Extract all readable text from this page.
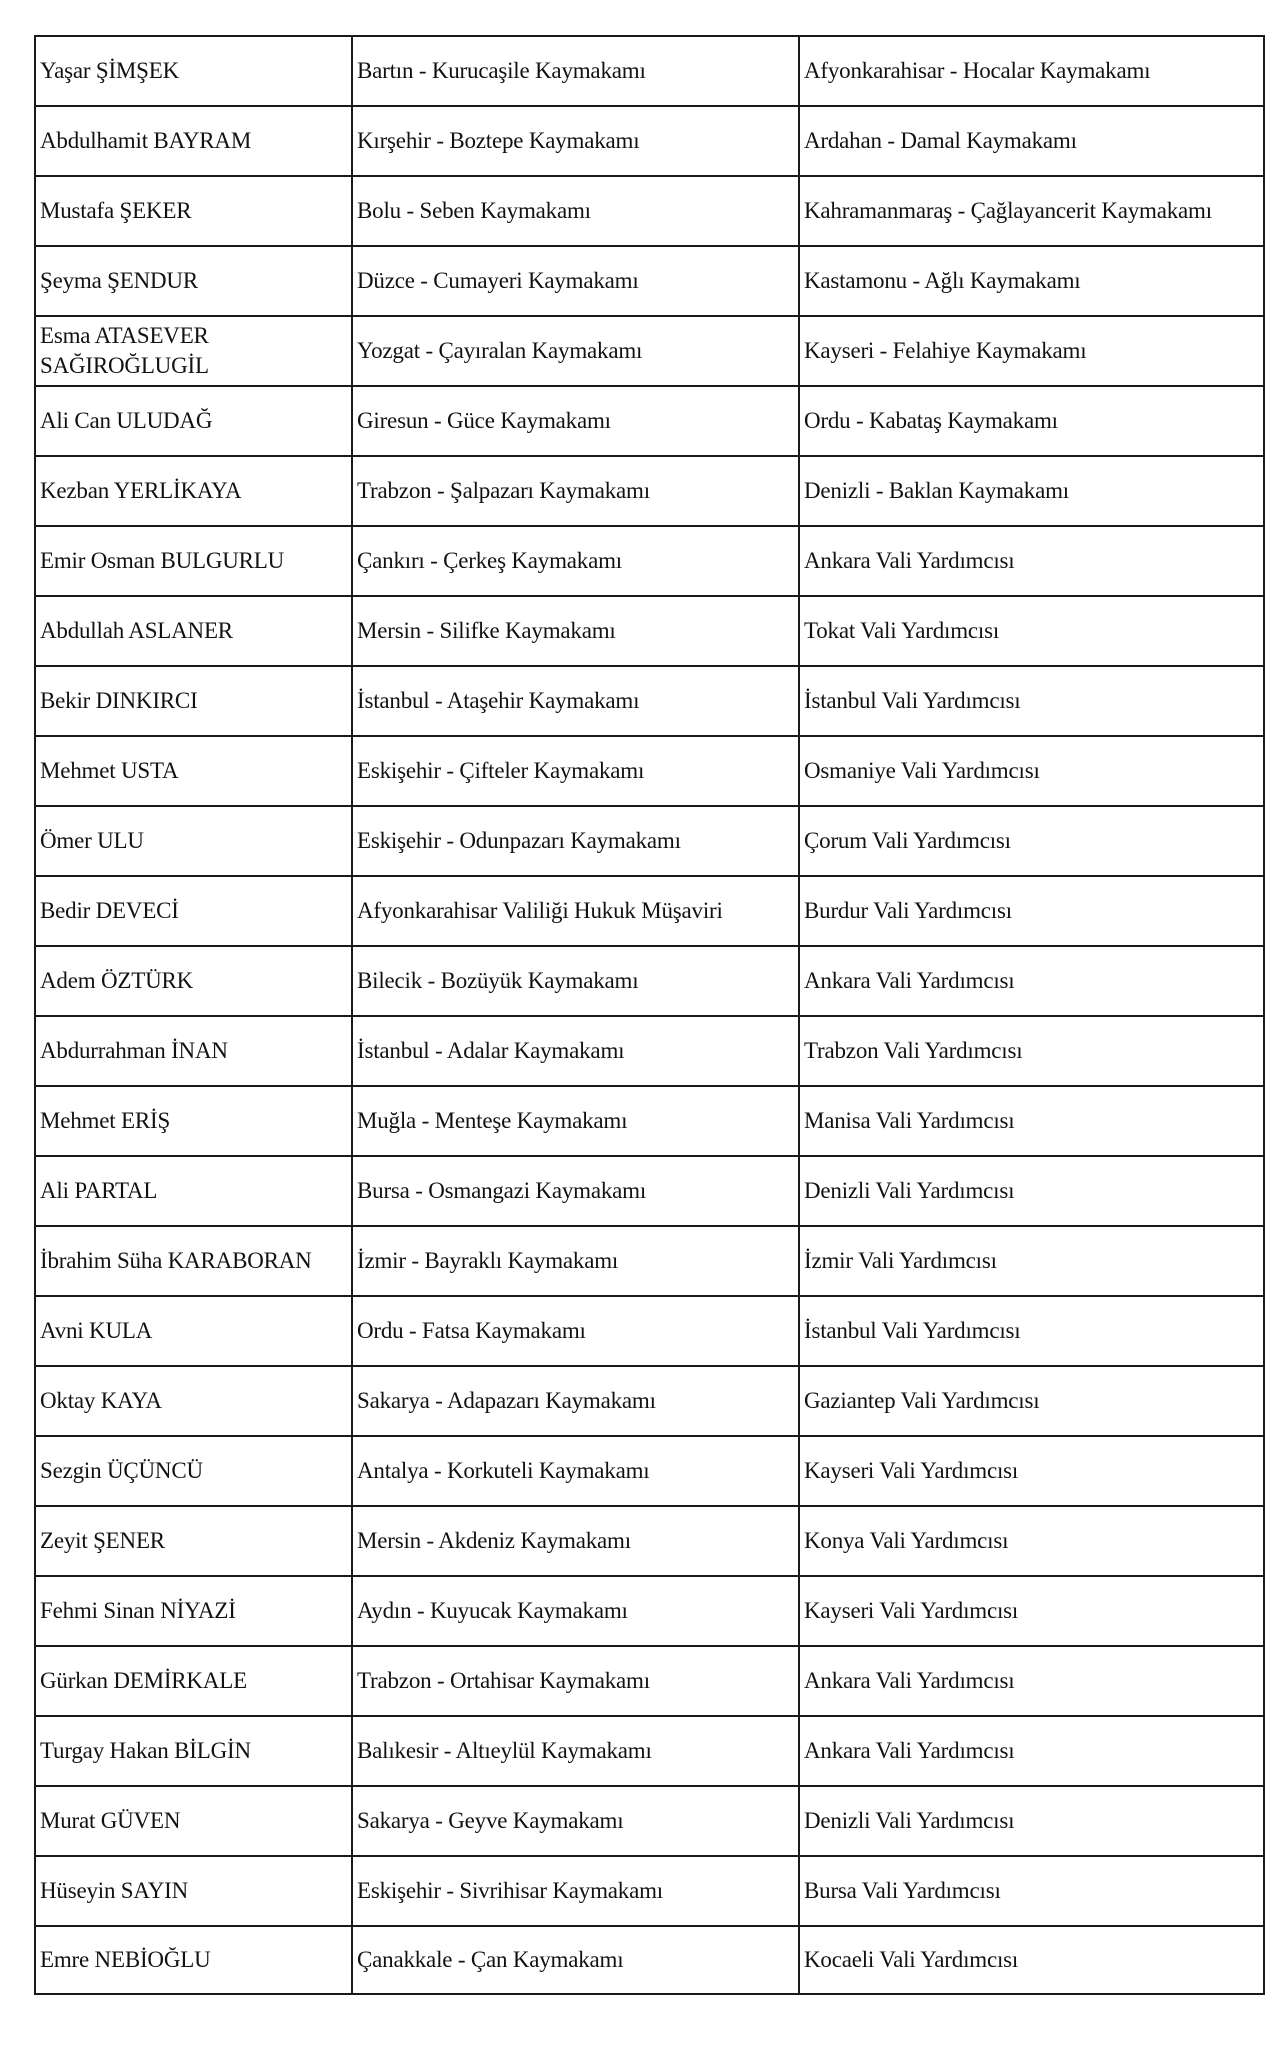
Yaşar ŞİMŞEK	Bartın - Kurucaşile Kaymakamı	Afyonkarahisar - Hocalar Kaymakamı
Abdulhamit BAYRAM	Kırşehir - Boztepe Kaymakamı	Ardahan - Damal Kaymakamı
Mustafa ŞEKER	Bolu - Seben Kaymakamı	Kahramanmaraş - Çağlayancerit Kaymakamı
Şeyma ŞENDUR	Düzce - Cumayeri Kaymakamı	Kastamonu - Ağlı Kaymakamı
Esma ATASEVER SAĞIROĞLUGİL	Yozgat - Çayıralan Kaymakamı	Kayseri - Felahiye Kaymakamı
Ali Can ULUDAĞ	Giresun - Güce Kaymakamı	Ordu - Kabataş Kaymakamı
Kezban YERLİKAYA	Trabzon - Şalpazarı Kaymakamı	Denizli - Baklan Kaymakamı
Emir Osman BULGURLU	Çankırı - Çerkeş Kaymakamı	Ankara Vali Yardımcısı
Abdullah ASLANER	Mersin - Silifke Kaymakamı	Tokat Vali Yardımcısı
Bekir DINKIRCI	İstanbul - Ataşehir Kaymakamı	İstanbul Vali Yardımcısı
Mehmet USTA	Eskişehir - Çifteler Kaymakamı	Osmaniye Vali Yardımcısı
Ömer ULU	Eskişehir - Odunpazarı Kaymakamı	Çorum Vali Yardımcısı
Bedir DEVECİ	Afyonkarahisar Valiliği Hukuk Müşaviri	Burdur Vali Yardımcısı
Adem ÖZTÜRK	Bilecik - Bozüyük Kaymakamı	Ankara Vali Yardımcısı
Abdurrahman İNAN	İstanbul - Adalar Kaymakamı	Trabzon Vali Yardımcısı
Mehmet ERİŞ	Muğla - Menteşe Kaymakamı	Manisa Vali Yardımcısı
Ali PARTAL	Bursa - Osmangazi Kaymakamı	Denizli Vali Yardımcısı
İbrahim Süha KARABORAN	İzmir - Bayraklı Kaymakamı	İzmir Vali Yardımcısı
Avni KULA	Ordu - Fatsa Kaymakamı	İstanbul Vali Yardımcısı
Oktay KAYA	Sakarya - Adapazarı Kaymakamı	Gaziantep Vali Yardımcısı
Sezgin ÜÇÜNCÜ	Antalya - Korkuteli Kaymakamı	Kayseri Vali Yardımcısı
Zeyit ŞENER	Mersin - Akdeniz Kaymakamı	Konya Vali Yardımcısı
Fehmi Sinan NİYAZİ	Aydın - Kuyucak Kaymakamı	Kayseri Vali Yardımcısı
Gürkan DEMİRKALE	Trabzon - Ortahisar Kaymakamı	Ankara Vali Yardımcısı
Turgay Hakan BİLGİN	Balıkesir - Altıeylül Kaymakamı	Ankara Vali Yardımcısı
Murat GÜVEN	Sakarya - Geyve Kaymakamı	Denizli Vali Yardımcısı
Hüseyin SAYIN	Eskişehir - Sivrihisar Kaymakamı	Bursa Vali Yardımcısı
Emre NEBİOĞLU	Çanakkale - Çan Kaymakamı	Kocaeli Vali Yardımcısı
